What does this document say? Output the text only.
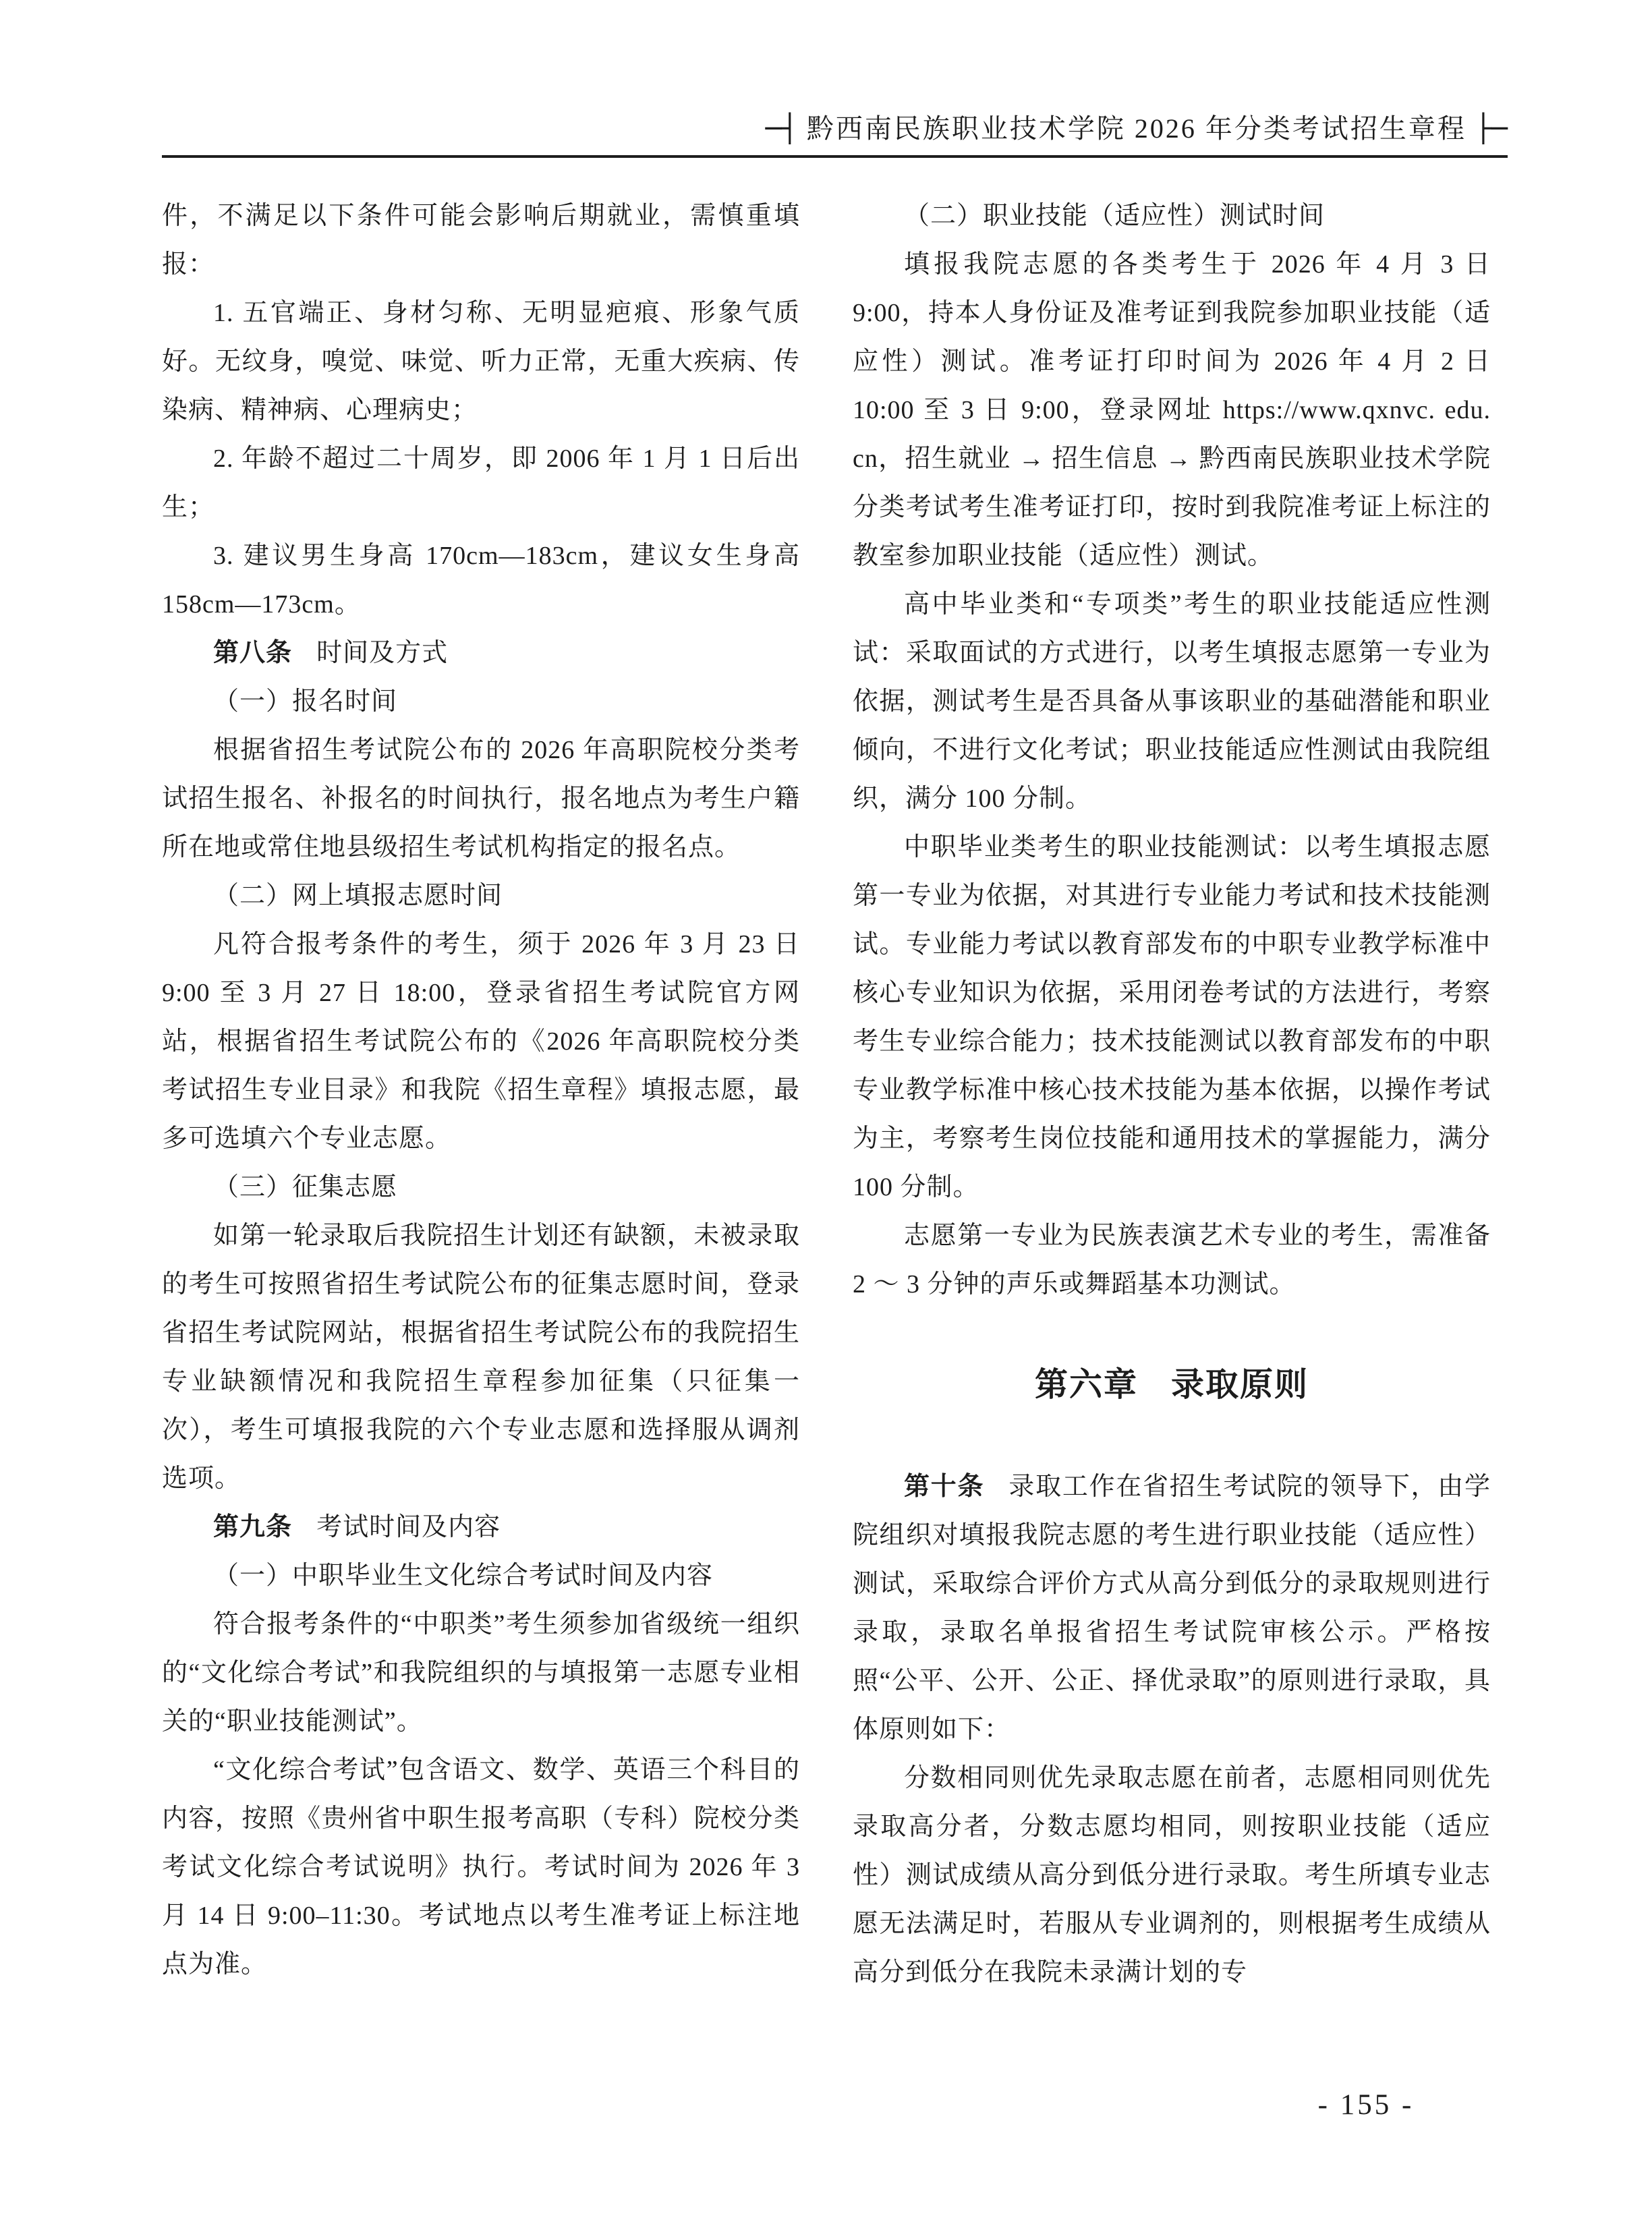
─┤ 黔西南民族职业技术学院 2026 年分类考试招生章程 ├─

件，不满足以下条件可能会影响后期就业，需慎重填报：

1. 五官端正、身材匀称、无明显疤痕、形象气质好。无纹身，嗅觉、味觉、听力正常，无重大疾病、传染病、精神病、心理病史；

2. 年龄不超过二十周岁，即 2006 年 1 月 1 日后出生；

3. 建议男生身高 170cm—183cm，建议女生身高 158cm—173cm。

第八条 时间及方式

（一）报名时间

根据省招生考试院公布的 2026 年高职院校分类考试招生报名、补报名的时间执行，报名地点为考生户籍所在地或常住地县级招生考试机构指定的报名点。

（二）网上填报志愿时间

凡符合报考条件的考生，须于 2026 年 3 月 23 日 9:00 至 3 月 27 日 18:00，登录省招生考试院官方网站，根据省招生考试院公布的《2026 年高职院校分类考试招生专业目录》和我院《招生章程》填报志愿，最多可选填六个专业志愿。

（三）征集志愿

如第一轮录取后我院招生计划还有缺额，未被录取的考生可按照省招生考试院公布的征集志愿时间，登录省招生考试院网站，根据省招生考试院公布的我院招生专业缺额情况和我院招生章程参加征集（只征集一次），考生可填报我院的六个专业志愿和选择服从调剂选项。

第九条 考试时间及内容

（一）中职毕业生文化综合考试时间及内容

符合报考条件的“中职类”考生须参加省级统一组织的“文化综合考试”和我院组织的与填报第一志愿专业相关的“职业技能测试”。

“文化综合考试”包含语文、数学、英语三个科目的内容，按照《贵州省中职生报考高职（专科）院校分类考试文化综合考试说明》执行。考试时间为 2026 年 3 月 14 日 9:00–11:30。考试地点以考生准考证上标注地点为准。

（二）职业技能（适应性）测试时间

填报我院志愿的各类考生于 2026 年 4 月 3 日 9:00，持本人身份证及准考证到我院参加职业技能（适应性）测试。准考证打印时间为 2026 年 4 月 2 日 10:00 至 3 日 9:00，登录网址 https://www.qxnvc. edu. cn，招生就业 → 招生信息 → 黔西南民族职业技术学院分类考试考生准考证打印，按时到我院准考证上标注的教室参加职业技能（适应性）测试。

高中毕业类和“专项类”考生的职业技能适应性测试：采取面试的方式进行，以考生填报志愿第一专业为依据，测试考生是否具备从事该职业的基础潜能和职业倾向，不进行文化考试；职业技能适应性测试由我院组织，满分 100 分制。

中职毕业类考生的职业技能测试：以考生填报志愿第一专业为依据，对其进行专业能力考试和技术技能测试。专业能力考试以教育部发布的中职专业教学标准中核心专业知识为依据，采用闭卷考试的方法进行，考察考生专业综合能力；技术技能测试以教育部发布的中职专业教学标准中核心技术技能为基本依据，以操作考试为主，考察考生岗位技能和通用技术的掌握能力，满分 100 分制。

志愿第一专业为民族表演艺术专业的考生，需准备 2 ～ 3 分钟的声乐或舞蹈基本功测试。

第六章 录取原则

第十条 录取工作在省招生考试院的领导下，由学院组织对填报我院志愿的考生进行职业技能（适应性）测试，采取综合评价方式从高分到低分的录取规则进行录取，录取名单报省招生考试院审核公示。严格按照“公平、公开、公正、择优录取”的原则进行录取，具体原则如下：

分数相同则优先录取志愿在前者，志愿相同则优先录取高分者，分数志愿均相同，则按职业技能（适应性）测试成绩从高分到低分进行录取。考生所填专业志愿无法满足时，若服从专业调剂的，则根据考生成绩从高分到低分在我院未录满计划的专

- 155 -
